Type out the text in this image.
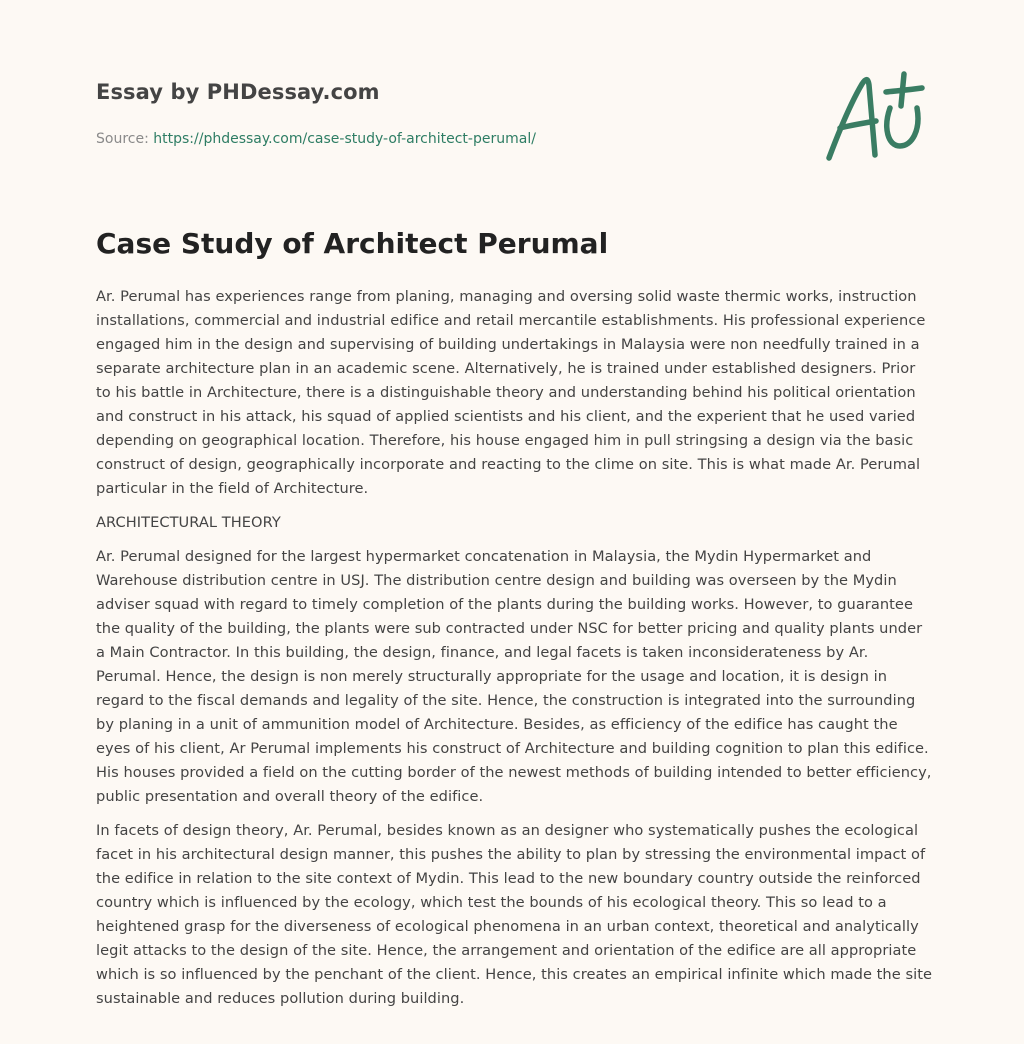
Essay by PHDessay.com
Source: https://phdessay.com/case-study-of-architect-perumal/
Case Study of Architect Perumal

Ar. Perumal has experiences range from planing, managing and oversing solid waste thermic works, instruction installations, commercial and industrial edifice and retail mercantile establishments. His professional experience engaged him in the design and supervising of building undertakings in Malaysia were non needfully trained in a separate architecture plan in an academic scene. Alternatively, he is trained under established designers. Prior to his battle in Architecture, there is a distinguishable theory and understanding behind his political orientation and construct in his attack, his squad of applied scientists and his client, and the experient that he used varied depending on geographical location. Therefore, his house engaged him in pull stringsing a design via the basic construct of design, geographically incorporate and reacting to the clime on site. This is what made Ar. Perumal particular in the field of Architecture.

ARCHITECTURAL THEORY

Ar. Perumal designed for the largest hypermarket concatenation in Malaysia, the Mydin Hypermarket and Warehouse distribution centre in USJ. The distribution centre design and building was overseen by the Mydin adviser squad with regard to timely completion of the plants during the building works. However, to guarantee the quality of the building, the plants were sub contracted under NSC for better pricing and quality plants under a Main Contractor. In this building, the design, finance, and legal facets is taken inconsiderateness by Ar. Perumal. Hence, the design is non merely structurally appropriate for the usage and location, it is design in regard to the fiscal demands and legality of the site. Hence, the construction is integrated into the surrounding by planing in a unit of ammunition model of Architecture. Besides, as efficiency of the edifice has caught the eyes of his client, Ar Perumal implements his construct of Architecture and building cognition to plan this edifice. His houses provided a field on the cutting border of the newest methods of building intended to better efficiency, public presentation and overall theory of the edifice.

In facets of design theory, Ar. Perumal, besides known as an designer who systematically pushes the ecological facet in his architectural design manner, this pushes the ability to plan by stressing the environmental impact of the edifice in relation to the site context of Mydin. This lead to the new boundary country outside the reinforced country which is influenced by the ecology, which test the bounds of his ecological theory. This so lead to a heightened grasp for the diverseness of ecological phenomena in an urban context, theoretical and analytically legit attacks to the design of the site. Hence, the arrangement and orientation of the edifice are all appropriate which is so influenced by the penchant of the client. Hence, this creates an empirical infinite which made the site sustainable and reduces pollution during building.
